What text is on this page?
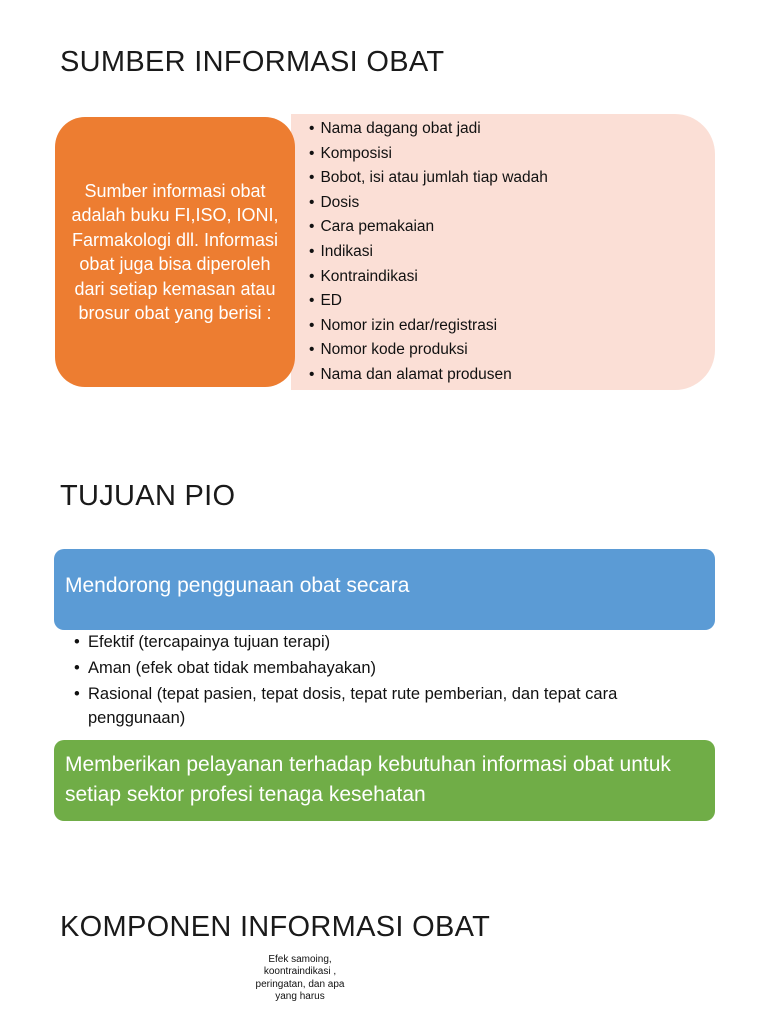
SUMBER INFORMASI OBAT
Sumber informasi obat adalah buku FI,ISO, IONI, Farmakologi dll. Informasi obat juga bisa diperoleh dari setiap kemasan atau brosur obat yang berisi :
• Nama dagang obat jadi
• Komposisi
• Bobot, isi atau jumlah tiap wadah
• Dosis
• Cara pemakaian
• Indikasi
• Kontraindikasi
• ED
• Nomor izin edar/registrasi
• Nomor kode produksi
• Nama dan alamat produsen
TUJUAN PIO
Mendorong penggunaan obat secara
• Efektif (tercapainya tujuan terapi)
• Aman (efek obat tidak membahayakan)
• Rasional (tepat pasien, tepat dosis, tepat rute pemberian, dan tepat cara penggunaan)
Memberikan pelayanan terhadap kebutuhan informasi obat untuk setiap sektor profesi tenaga kesehatan
KOMPONEN INFORMASI OBAT
Efek samoing, koontraindikasi , peringatan, dan apa yang harus
